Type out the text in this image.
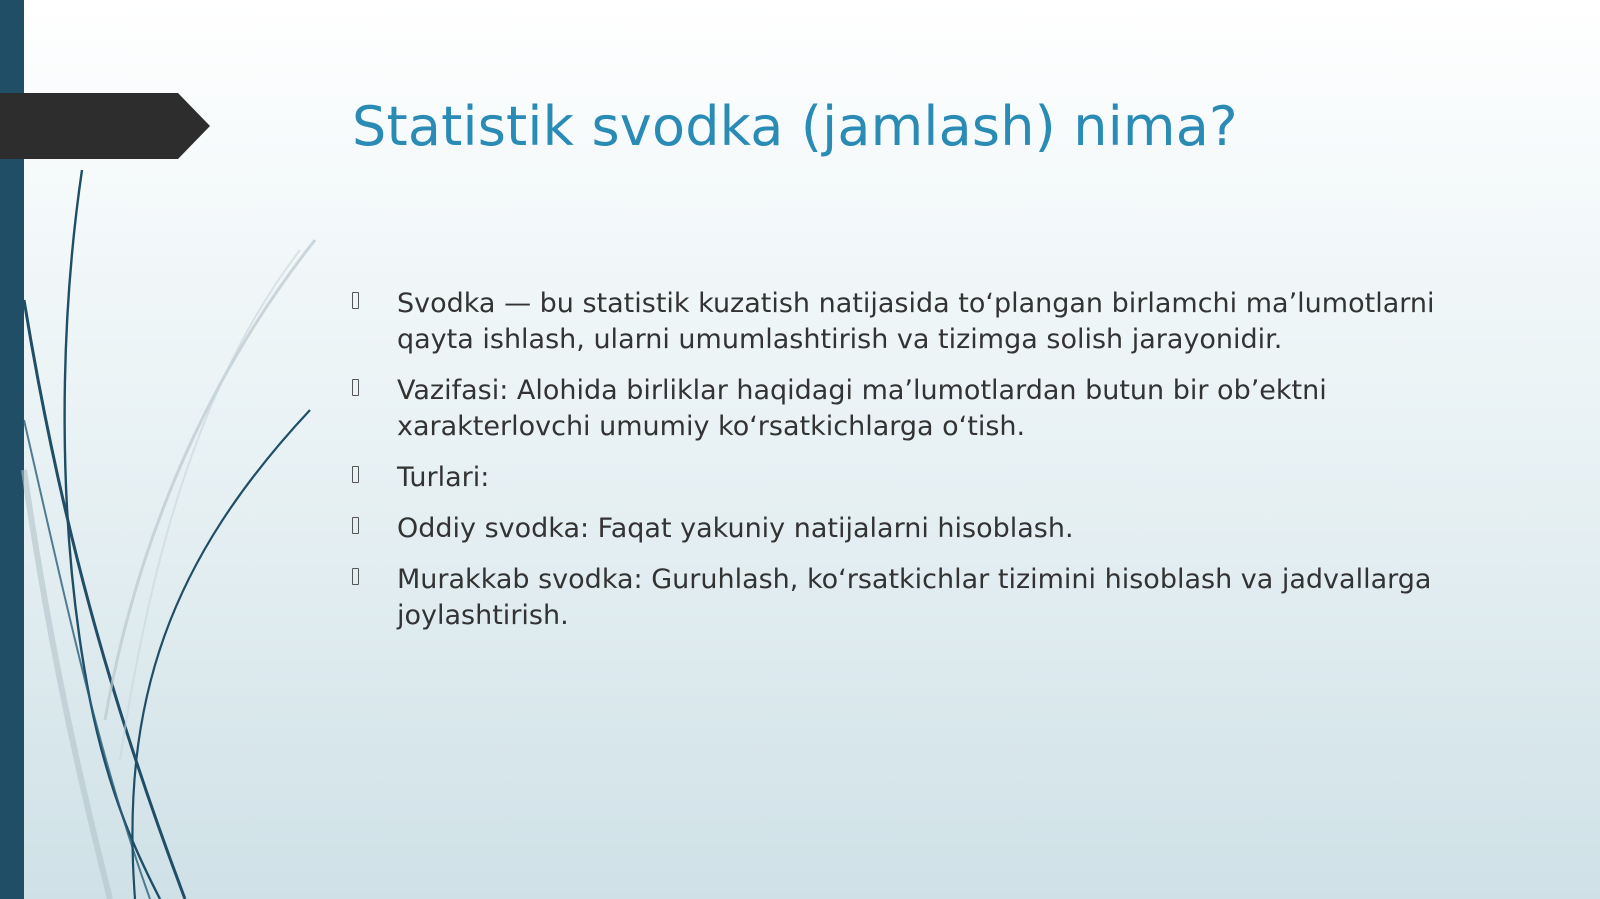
Statistik svodka (jamlash) nima?
Svodka — bu statistik kuzatish natijasida toʻplangan birlamchi maʼlumotlarni qayta ishlash, ularni umumlashtirish va tizimga solish jarayonidir.
Vazifasi: Alohida birliklar haqidagi maʼlumotlardan butun bir obʼektni xarakterlovchi umumiy koʻrsatkichlarga oʻtish.
Turlari:
Oddiy svodka: Faqat yakuniy natijalarni hisoblash.
Murakkab svodka: Guruhlash, koʻrsatkichlar tizimini hisoblash va jadvallarga joylashtirish.
